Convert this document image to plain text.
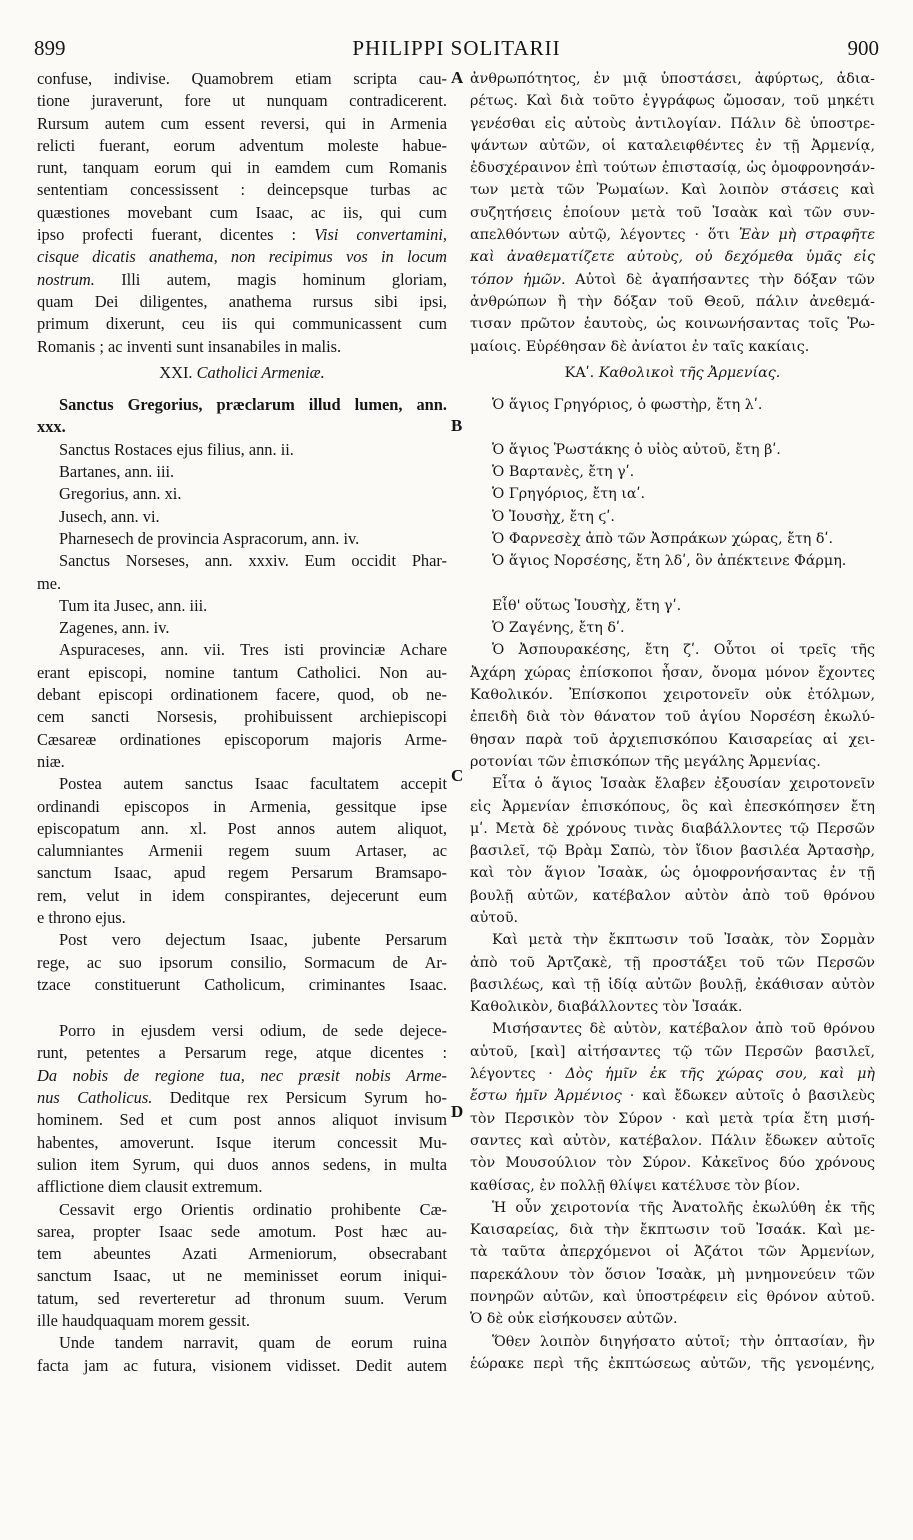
899	PHILIPPI SOLITARII	900
A
B
C
D
confuse, indivise. Quamobrem etiam scripta cau-
tione juraverunt, fore ut nunquam contradicerent.
Rursum autem cum essent reversi, qui in Armenia
relicti fuerant, eorum adventum moleste habue-
runt, tanquam eorum qui in eamdem cum Romanis
sententiam concessissent : deincepsque turbas ac
quæstiones movebant cum Isaac, ac iis, qui cum
ipso profecti fuerant, dicentes : Visi convertamini,
cisque dicatis anathema, non recipimus vos in locum
nostrum. Illi autem, magis hominum gloriam,
quam Dei diligentes, anathema rursus sibi ipsi,
primum dixerunt, ceu iis qui communicassent cum
Romanis ; ac inventi sunt insanabiles in malis.
XXI. Catholici Armeniæ.
Sanctus Gregorius, præclarum illud lumen, ann.
xxx.
Sanctus Rostaces ejus filius, ann. ii.
Bartanes, ann. iii.
Gregorius, ann. xi.
Jusech, ann. vi.
Pharnesech de provincia Aspracorum, ann. iv.
Sanctus Norseses, ann. xxxiv. Eum occidit Phar-
me.
Tum ita Jusec, ann. iii.
Zagenes, ann. iv.
Aspuraceses, ann. vii. Tres isti provinciæ Achare
erant episcopi, nomine tantum Catholici. Non au-
debant episcopi ordinationem facere, quod, ob ne-
cem sancti Norsesis, prohibuissent archiepiscopi
Cæsareæ ordinationes episcoporum majoris Arme-
niæ.
Postea autem sanctus Isaac facultatem accepit
ordinandi episcopos in Armenia, gessitque ipse
episcopatum ann. xl. Post annos autem aliquot,
calumniantes Armenii regem suum Artaser, ac
sanctum Isaac, apud regem Persarum Bramsapo-
rem, velut in idem conspirantes, dejecerunt eum
e throno ejus.
Post vero dejectum Isaac, jubente Persarum
rege, ac suo ipsorum consilio, Sormacum de Ar-
tzace constituerunt Catholicum, criminantes Isaac.
Porro in ejusdem versi odium, de sede dejece-
runt, petentes a Persarum rege, atque dicentes :
Da nobis de regione tua, nec præsit nobis Arme-
nus Catholicus. Deditque rex Persicum Syrum ho-
hominem. Sed et cum post annos aliquot invisum
habentes, amoverunt. Isque iterum concessit Mu-
sulion item Syrum, qui duos annos sedens, in multa
afflictione diem clausit extremum.
Cessavit ergo Orientis ordinatio prohibente Cæ-
sarea, propter Isaac sede amotum. Post hæc au-
tem abeuntes Azati Armeniorum, obsecrabant
sanctum Isaac, ut ne meminisset eorum iniqui-
tatum, sed reverteretur ad thronum suum. Verum
ille haudquaquam morem gessit.
Unde tandem narravit, quam de eorum ruina
facta jam ac futura, visionem vidisset. Dedit autem
ἀνθρωπότητος, ἐν μιᾷ ὑποστάσει, ἀφύρτως, ἀδια-
ρέτως. Καὶ διὰ τοῦτο ἐγγράφως ὤμοσαν, τοῦ μηκέτι
γενέσθαι εἰς αὐτοὺς ἀντιλογίαν. Πάλιν δὲ ὑποστρε-
ψάντων αὐτῶν, οἱ καταλειφθέντες ἐν τῇ Ἀρμενίᾳ,
ἐδυσχέραινον ἐπὶ τούτων ἐπιστασίᾳ, ὡς ὁμοφρονησάν-
των μετὰ τῶν Ῥωμαίων. Καὶ λοιπὸν στάσεις καὶ
συζητήσεις ἐποίουν μετὰ τοῦ Ἰσαὰκ καὶ τῶν συν-
απελθόντων αὐτῷ, λέγοντες · ὅτι Ἐὰν μὴ στραφῆτε
καὶ ἀναθεματίζετε αὐτοὺς, οὐ δεχόμεθα ὑμᾶς εἰς
τόπον ἡμῶν. Αὐτοὶ δὲ ἀγαπήσαντες τὴν δόξαν τῶν
ἀνθρώπων ἢ τὴν δόξαν τοῦ Θεοῦ, πάλιν ἀνεθεμά-
τισαν πρῶτον ἑαυτοὺς, ὡς κοινωνήσαντας τοῖς Ῥω-
μαίοις. Εὑρέθησαν δὲ ἀνίατοι ἐν ταῖς κακίαις.
ΚΑʹ. Καθολικοὶ τῆς Ἀρμενίας.
Ὁ ἅγιος Γρηγόριος, ὁ φωστὴρ, ἔτη λʹ.
Ὁ ἅγιος Ῥωστάκης ὁ υἱὸς αὐτοῦ, ἔτη βʹ.
Ὁ Βαρτανὲς, ἔτη γʹ.
Ὁ Γρηγόριος, ἔτη ιαʹ.
Ὁ Ἰουσὴχ, ἔτη ϛʹ.
Ὁ Φαρνεσὲχ ἀπὸ τῶν Ἀσπράκων χώρας, ἔτη δʹ.
Ὁ ἅγιος Νορσέσης, ἔτη λδʹ, ὃν ἀπέκτεινε Φάρμη.
Εἶθ' οὕτως Ἰουσὴχ, ἔτη γʹ.
Ὁ Ζαγένης, ἔτη δʹ.
Ὁ Ἀσπουρακέσης, ἔτη ζʹ. Οὗτοι οἱ τρεῖς τῆς
Ἀχάρη χώρας ἐπίσκοποι ἦσαν, ὄνομα μόνον ἔχοντες
Καθολικόν. Ἐπίσκοποι χειροτονεῖν οὐκ ἐτόλμων,
ἐπειδὴ διὰ τὸν θάνατον τοῦ ἁγίου Νορσέση ἐκωλύ-
θησαν παρὰ τοῦ ἀρχιεπισκόπου Καισαρείας αἱ χει-
ροτονίαι τῶν ἐπισκόπων τῆς μεγάλης Ἀρμενίας.
Εἶτα ὁ ἅγιος Ἰσαὰκ ἔλαβεν ἐξουσίαν χειροτονεῖν
εἰς Ἀρμενίαν ἐπισκόπους, ὃς καὶ ἐπεσκόπησεν ἔτη
μʹ. Μετὰ δὲ χρόνους τινὰς διαβάλλοντες τῷ Περσῶν
βασιλεῖ, τῷ Βρὰμ Σαπὼ, τὸν ἴδιον βασιλέα Ἀρτασὴρ,
καὶ τὸν ἅγιον Ἰσαὰκ, ὡς ὁμοφρονήσαντας ἐν τῇ
βουλῇ αὐτῶν, κατέβαλον αὐτὸν ἀπὸ τοῦ θρόνου
αὐτοῦ.
Καὶ μετὰ τὴν ἔκπτωσιν τοῦ Ἰσαὰκ, τὸν Σορμὰν
ἀπὸ τοῦ Ἀρτζακὲ, τῇ προστάξει τοῦ τῶν Περσῶν
βασιλέως, καὶ τῇ ἰδίᾳ αὐτῶν βουλῇ, ἐκάθισαν αὐτὸν
Καθολικὸν, διαβάλλοντες τὸν Ἰσαάκ.
Μισήσαντες δὲ αὐτὸν, κατέβαλον ἀπὸ τοῦ θρόνου
αὐτοῦ, [καὶ] αἰτήσαντες τῷ τῶν Περσῶν βασιλεῖ,
λέγοντες · Δὸς ἡμῖν ἐκ τῆς χώρας σου, καὶ μὴ
ἔστω ἡμῖν Ἀρμένιος · καὶ ἔδωκεν αὐτοῖς ὁ βασιλεὺς
τὸν Περσικὸν τὸν Σύρον · καὶ μετὰ τρία ἔτη μισή-
σαντες καὶ αὐτὸν, κατέβαλον. Πάλιν ἔδωκεν αὐτοῖς
τὸν Μουσούλιον τὸν Σύρον. Κἀκεῖνος δύο χρόνους
καθίσας, ἐν πολλῇ θλίψει κατέλυσε τὸν βίον.
Ἡ οὖν χειροτονία τῆς Ἀνατολῆς ἐκωλύθη ἐκ τῆς
Καισαρείας, διὰ τὴν ἔκπτωσιν τοῦ Ἰσαάκ. Καὶ με-
τὰ ταῦτα ἀπερχόμενοι οἱ Ἀζάτοι τῶν Ἀρμενίων,
παρεκάλουν τὸν ὅσιον Ἰσαὰκ, μὴ μνημονεύειν τῶν
πονηρῶν αὐτῶν, καὶ ὑποστρέφειν εἰς θρόνον αὐτοῦ.
Ὁ δὲ οὐκ εἰσήκουσεν αὐτῶν.
Ὅθεν λοιπὸν διηγήσατο αὐτοῖ; τὴν ὀπτασίαν, ἣν
ἑώρακε περὶ τῆς ἐκπτώσεως αὐτῶν, τῆς γενομένης,
